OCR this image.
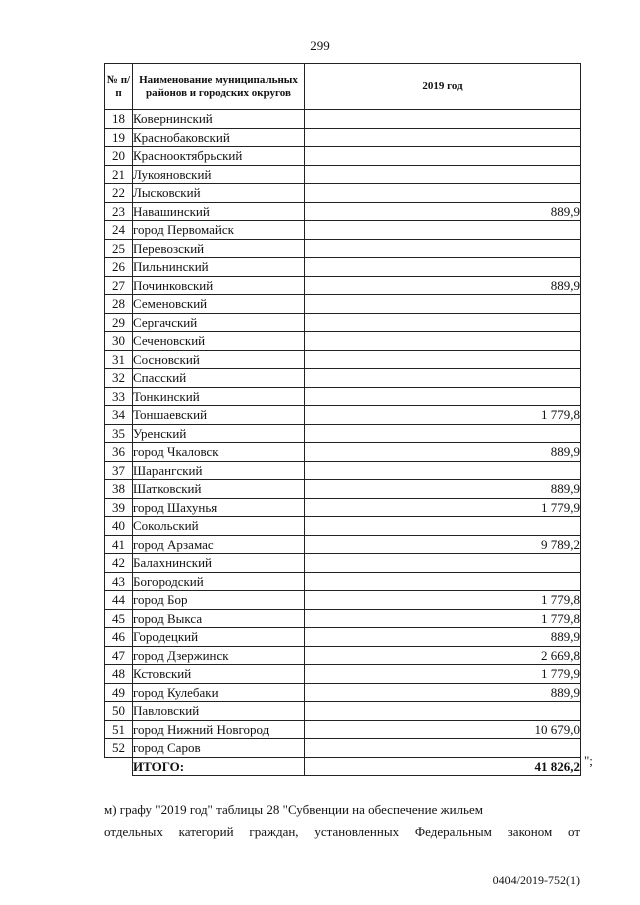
299
№ п/п	Наименование муниципальных районов и городских округов	2019 год
18	Ковернинский	
19	Краснобаковский	
20	Краснооктябрьский	
21	Лукояновский	
22	Лысковский	
23	Навашинский	889,9
24	город Первомайск	
25	Перевозский	
26	Пильнинский	
27	Починковский	889,9
28	Семеновский	
29	Сергачский	
30	Сеченовский	
31	Сосновский	
32	Спасский	
33	Тонкинский	
34	Тоншаевский	1 779,8
35	Уренский	
36	город Чкаловск	889,9
37	Шарангский	
38	Шатковский	889,9
39	город Шахунья	1 779,9
40	Сокольский	
41	город Арзамас	9 789,2
42	Балахнинский	
43	Богородский	
44	город Бор	1 779,8
45	город Выкса	1 779,8
46	Городецкий	889,9
47	город Дзержинск	2 669,8
48	Кстовский	1 779,9
49	город Кулебаки	889,9
50	Павловский	
51	город Нижний Новгород	10 679,0
52	город Саров	
	ИТОГО:	41 826,2 ";
м) графу "2019 год" таблицы 28 "Субвенции на обеспечение жильем
отдельных категорий граждан, установленных Федеральным законом от
0404/2019-752(1)
